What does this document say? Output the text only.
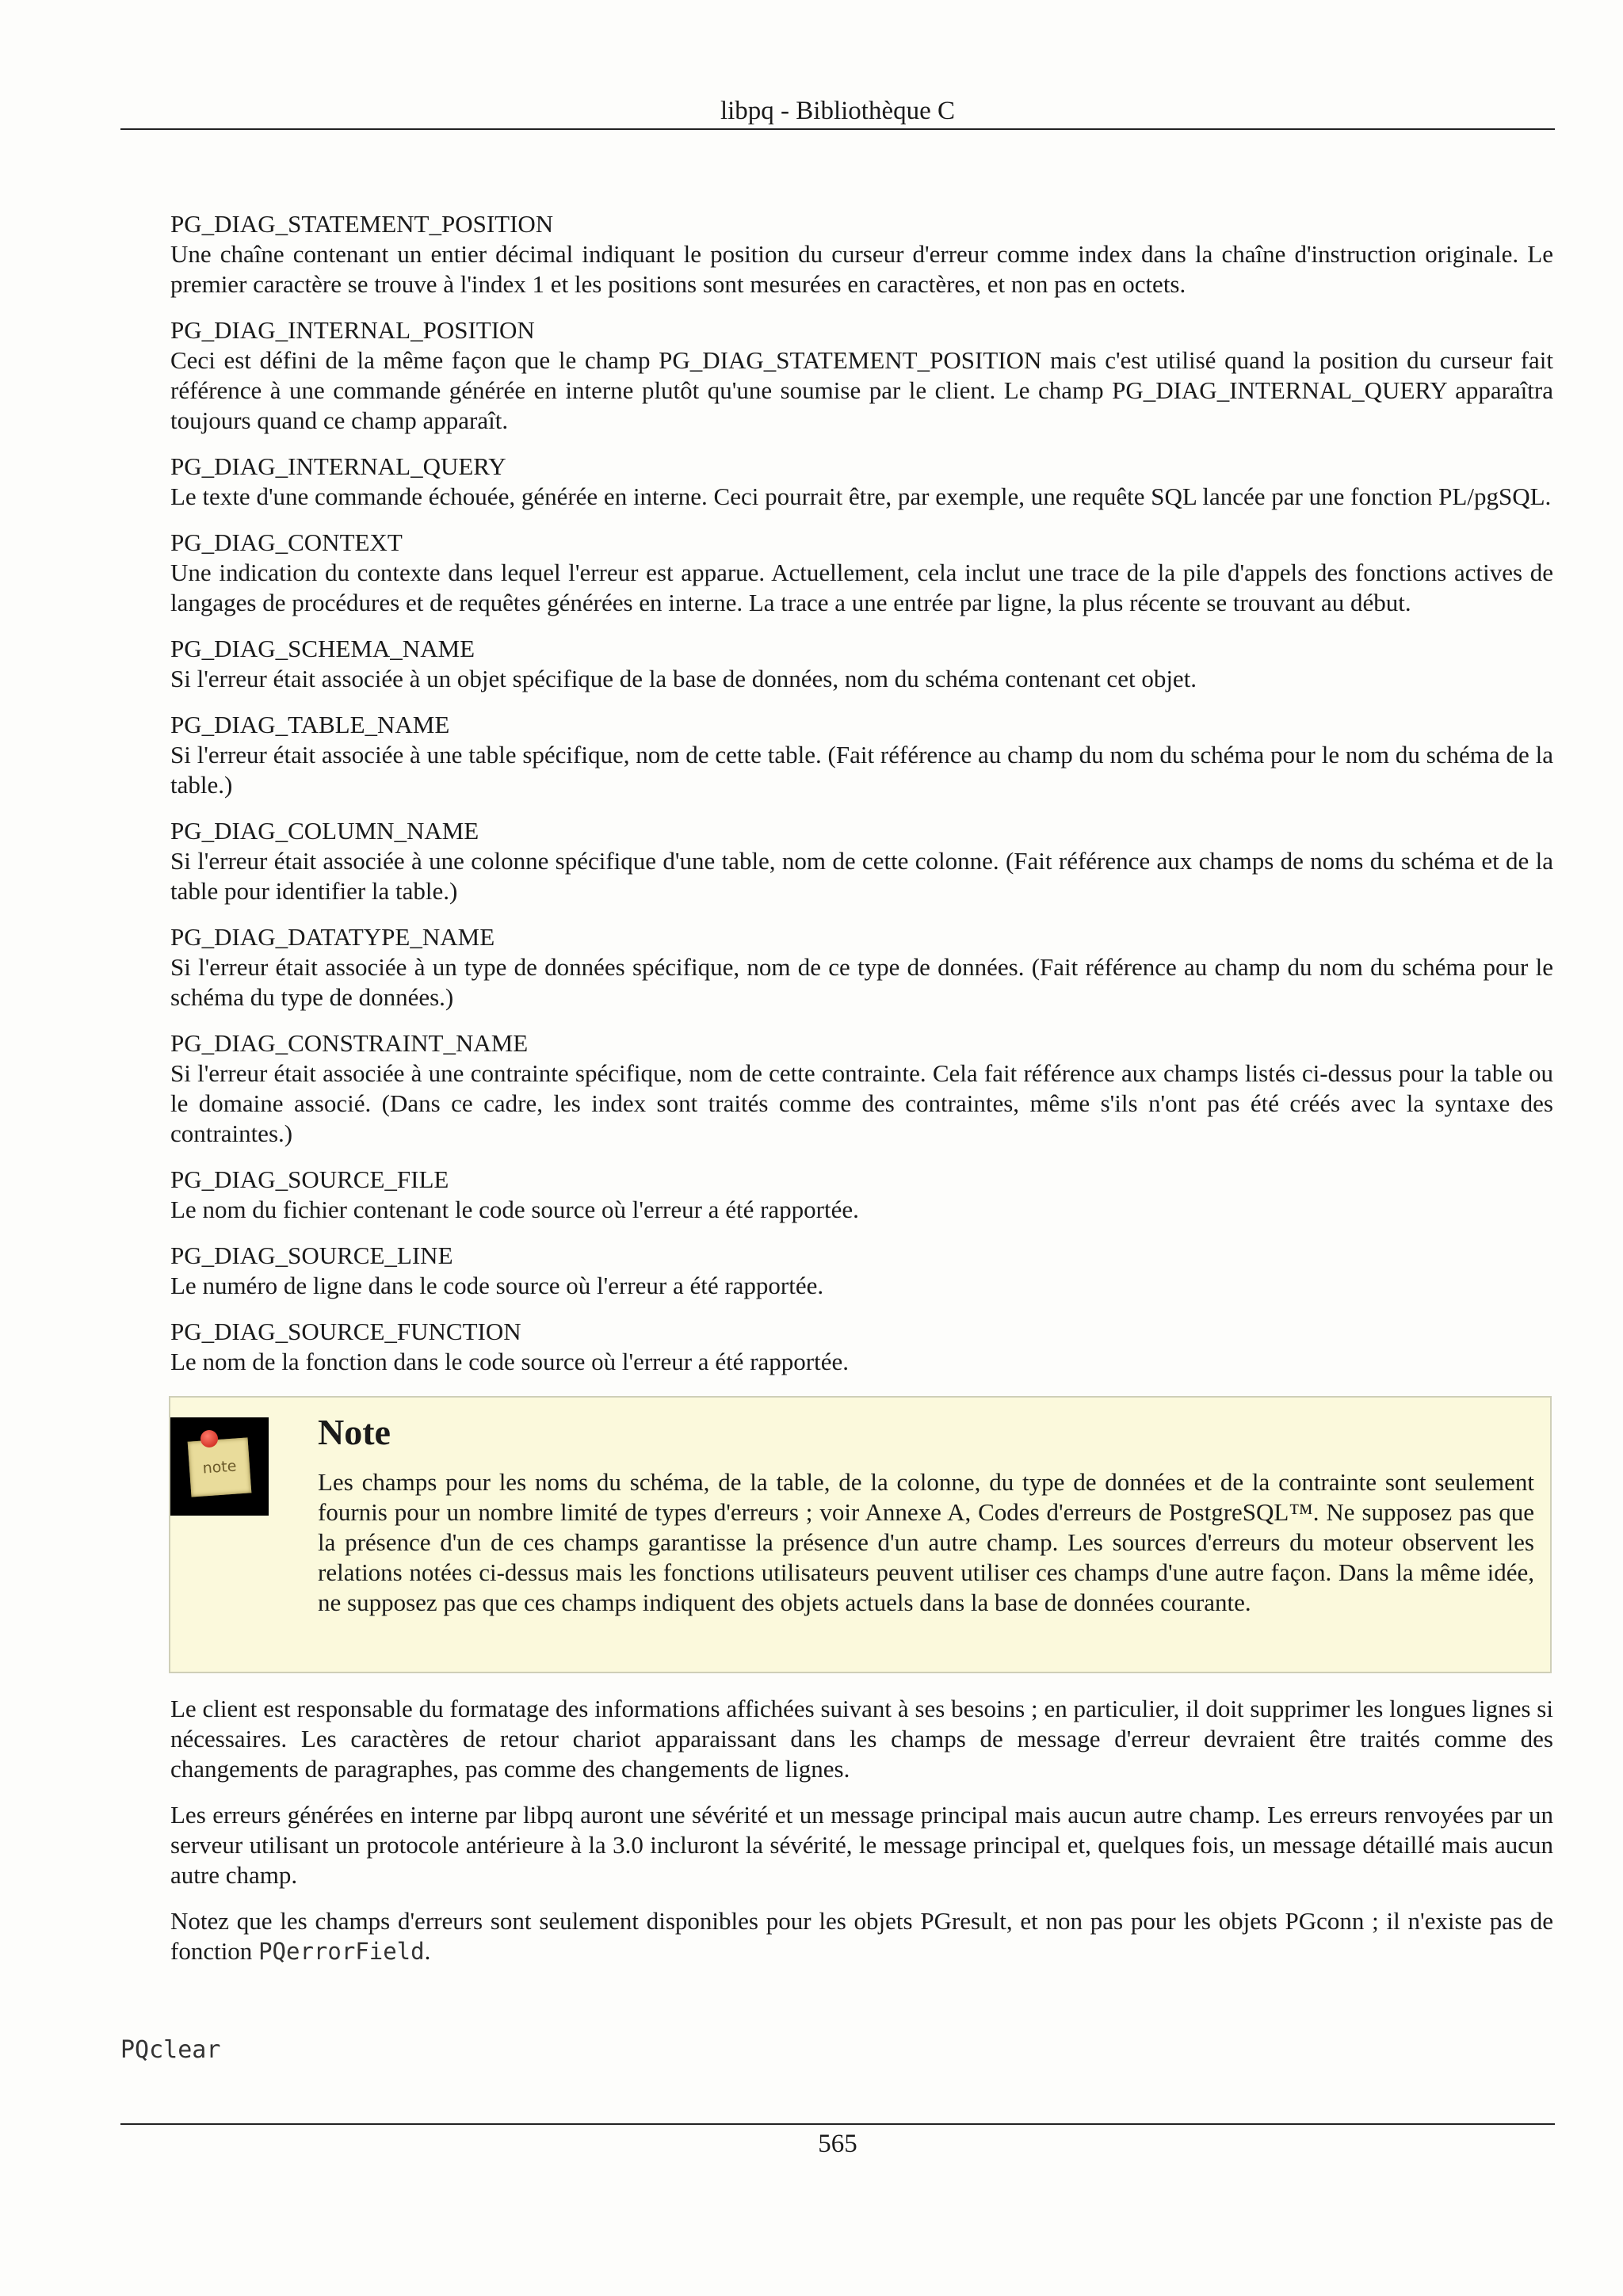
libpq - Bibliothèque C
PG_DIAG_STATEMENT_POSITION
Une chaîne contenant un entier décimal indiquant le position du curseur d'erreur comme index dans la chaîne d'instruction originale. Le premier caractère se trouve à l'index 1 et les positions sont mesurées en caractères, et non pas en octets.
PG_DIAG_INTERNAL_POSITION
Ceci est défini de la même façon que le champ PG_DIAG_STATEMENT_POSITION mais c'est utilisé quand la position du curseur fait référence à une commande générée en interne plutôt qu'une soumise par le client. Le champ PG_DIAG_INTERNAL_QUERY apparaîtra toujours quand ce champ apparaît.
PG_DIAG_INTERNAL_QUERY
Le texte d'une commande échouée, générée en interne. Ceci pourrait être, par exemple, une requête SQL lancée par une fonction PL/pgSQL.
PG_DIAG_CONTEXT
Une indication du contexte dans lequel l'erreur est apparue. Actuellement, cela inclut une trace de la pile d'appels des fonctions actives de langages de procédures et de requêtes générées en interne. La trace a une entrée par ligne, la plus récente se trouvant au début.
PG_DIAG_SCHEMA_NAME
Si l'erreur était associée à un objet spécifique de la base de données, nom du schéma contenant cet objet.
PG_DIAG_TABLE_NAME
Si l'erreur était associée à une table spécifique, nom de cette table. (Fait référence au champ du nom du schéma pour le nom du schéma de la table.)
PG_DIAG_COLUMN_NAME
Si l'erreur était associée à une colonne spécifique d'une table, nom de cette colonne. (Fait référence aux champs de noms du schéma et de la table pour identifier la table.)
PG_DIAG_DATATYPE_NAME
Si l'erreur était associée à un type de données spécifique, nom de ce type de données. (Fait référence au champ du nom du schéma pour le schéma du type de données.)
PG_DIAG_CONSTRAINT_NAME
Si l'erreur était associée à une contrainte spécifique, nom de cette contrainte. Cela fait référence aux champs listés ci-dessus pour la table ou le domaine associé. (Dans ce cadre, les index sont traités comme des contraintes, même s'ils n'ont pas été créés avec la syntaxe des contraintes.)
PG_DIAG_SOURCE_FILE
Le nom du fichier contenant le code source où l'erreur a été rapportée.
PG_DIAG_SOURCE_LINE
Le numéro de ligne dans le code source où l'erreur a été rapportée.
PG_DIAG_SOURCE_FUNCTION
Le nom de la fonction dans le code source où l'erreur a été rapportée.
note
Note
Les champs pour les noms du schéma, de la table, de la colonne, du type de données et de la contrainte sont seulement fournis pour un nombre limité de types d'erreurs ; voir Annexe A, Codes d'erreurs de PostgreSQL™. Ne supposez pas que la présence d'un de ces champs garantisse la présence d'un autre champ. Les sources d'erreurs du moteur observent les relations notées ci-dessus mais les fonctions utilisateurs peuvent utiliser ces champs d'une autre façon. Dans la même idée, ne supposez pas que ces champs indiquent des objets actuels dans la base de données courante.

Le client est responsable du formatage des informations affichées suivant à ses besoins ; en particulier, il doit supprimer les longues lignes si nécessaires. Les caractères de retour chariot apparaissant dans les champs de message d'erreur devraient être traités comme des changements de paragraphes, pas comme des changements de lignes.

Les erreurs générées en interne par libpq auront une sévérité et un message principal mais aucun autre champ. Les erreurs renvoyées par un serveur utilisant un protocole antérieure à la 3.0 incluront la sévérité, le message principal et, quelques fois, un message détaillé mais aucun autre champ.

Notez que les champs d'erreurs sont seulement disponibles pour les objets PGresult, et non pas pour les objets PGconn ; il n'existe pas de fonction PQerrorField.

PQclear
565
